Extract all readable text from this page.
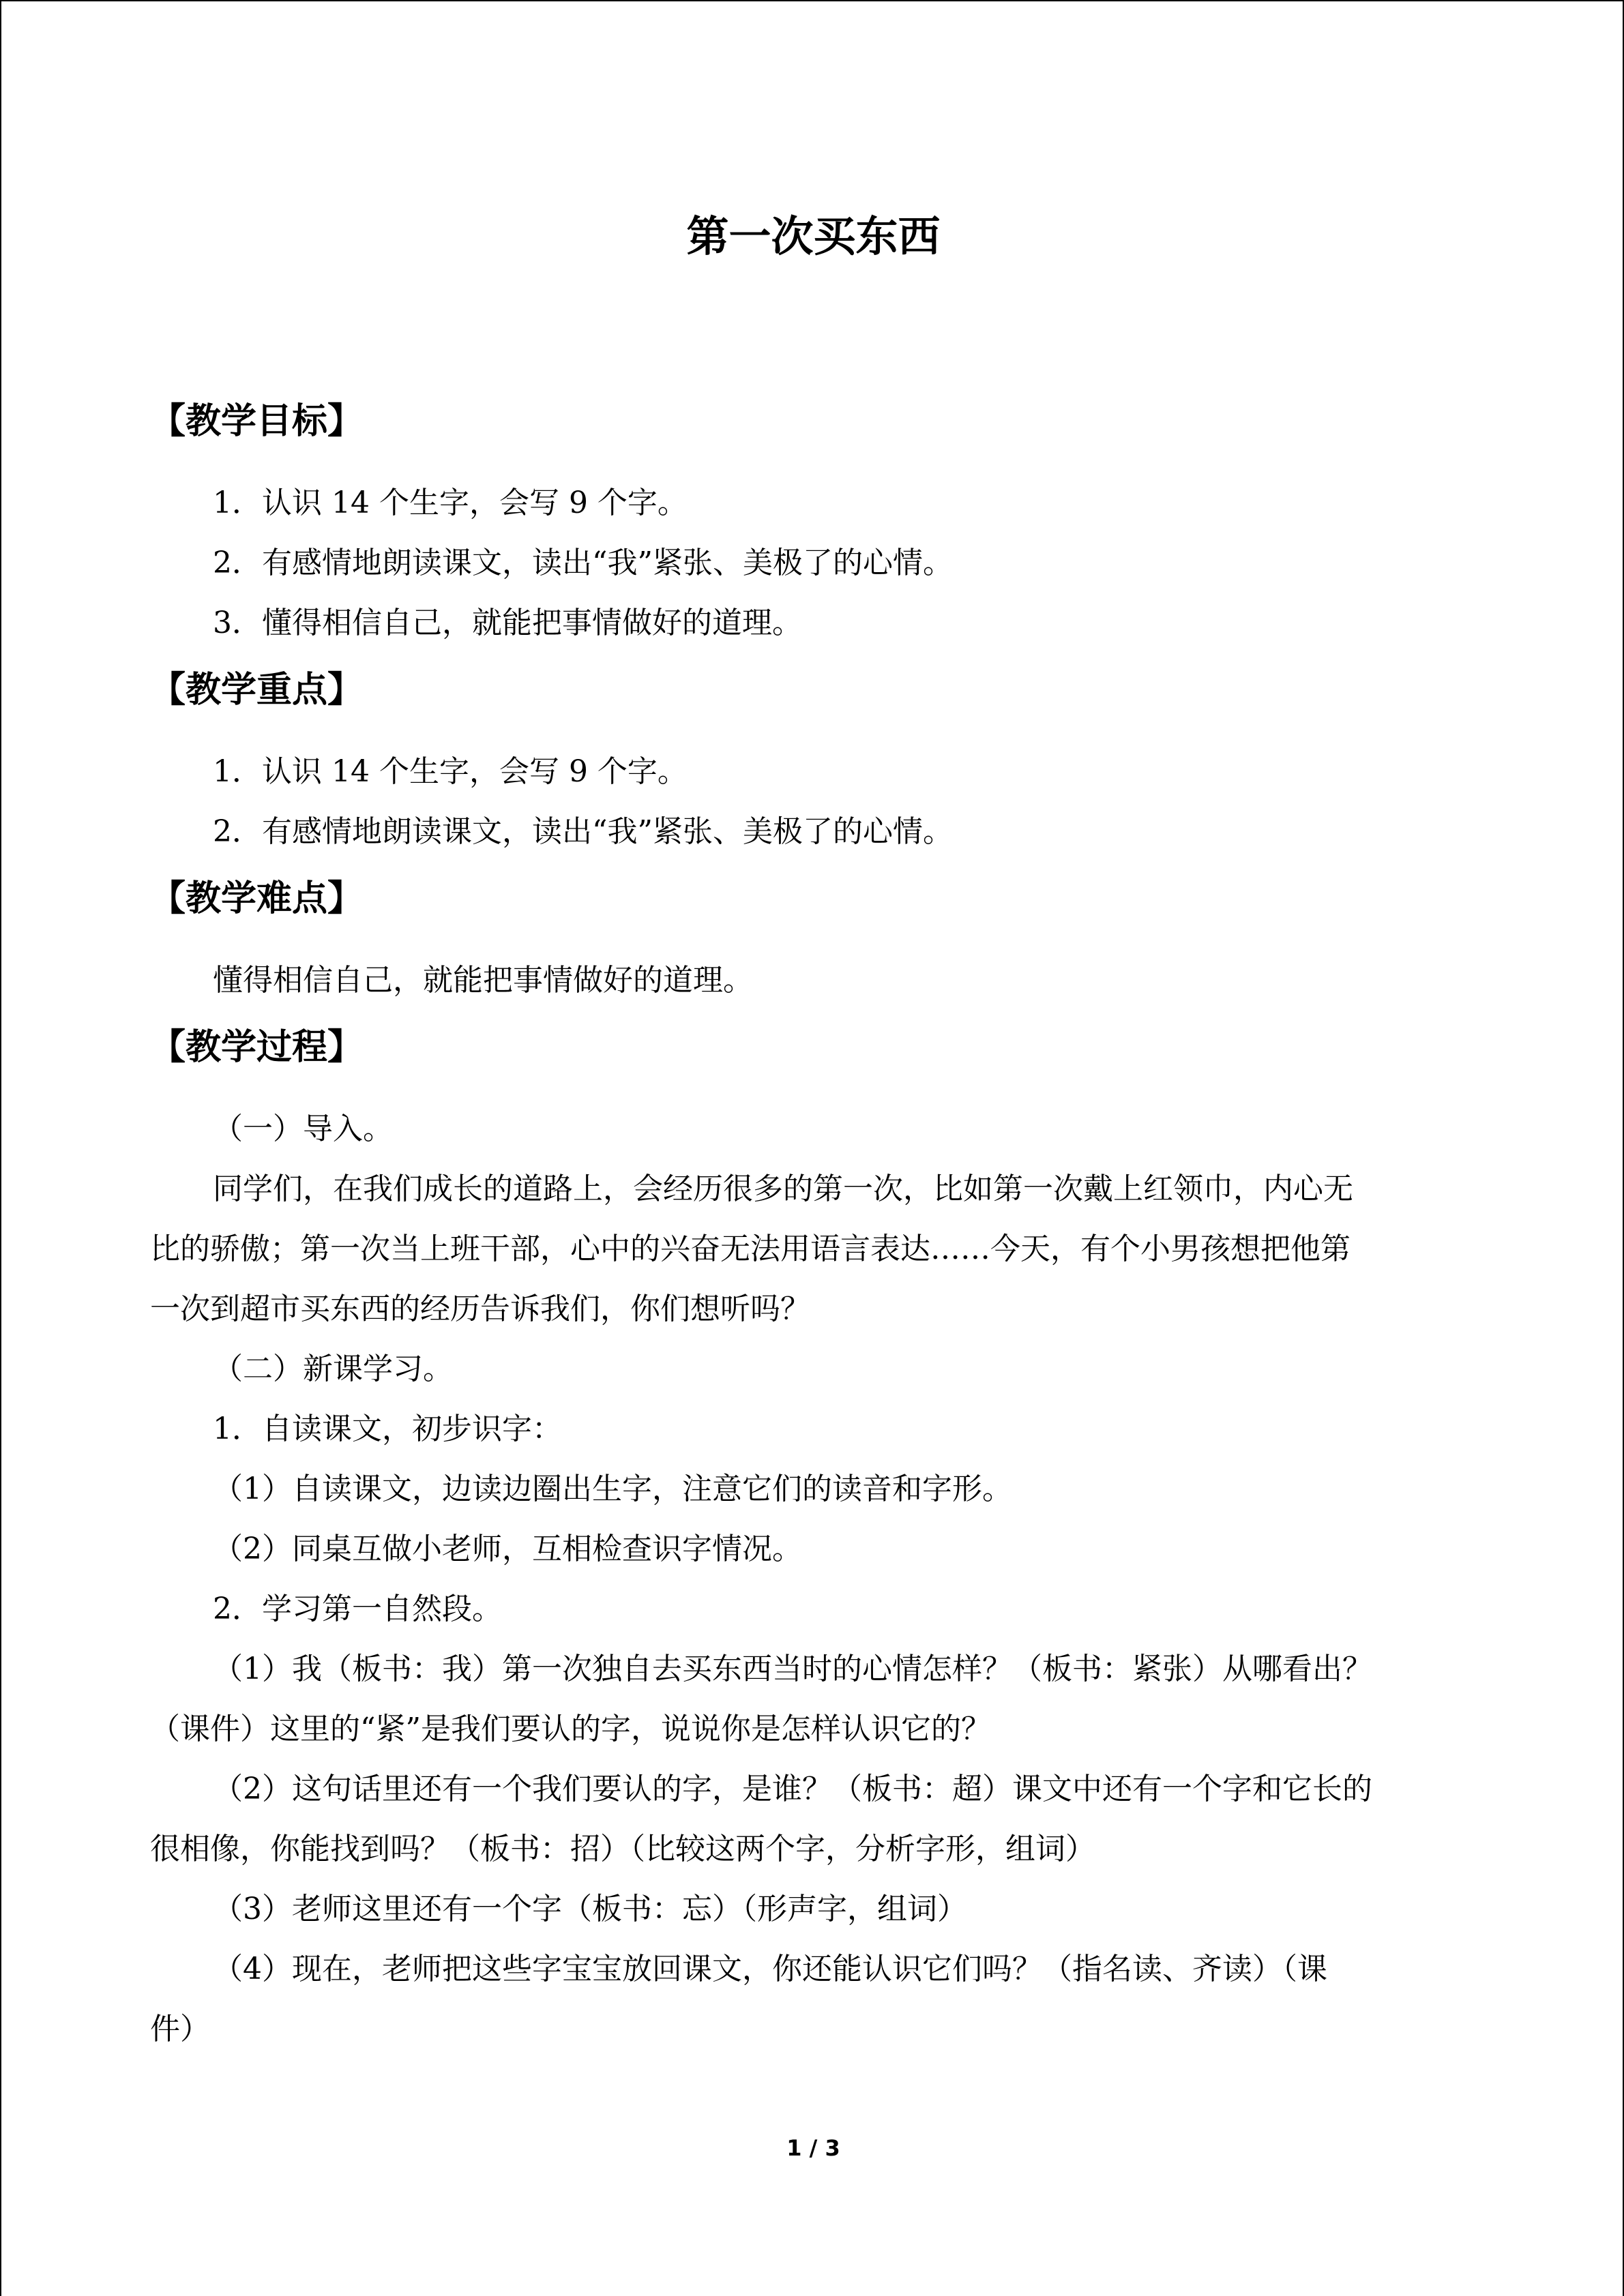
第一次买东西
【教学目标】
1．认识 14 个生字，会写 9 个字。
2．有感情地朗读课文，读出“我”紧张、美极了的心情。
3．懂得相信自己，就能把事情做好的道理。
【教学重点】
1．认识 14 个生字，会写 9 个字。
2．有感情地朗读课文，读出“我”紧张、美极了的心情。
【教学难点】
懂得相信自己，就能把事情做好的道理。
【教学过程】
（一）导入。
同学们，在我们成长的道路上，会经历很多的第一次，比如第一次戴上红领巾，内心无
比的骄傲；第一次当上班干部，心中的兴奋无法用语言表达……今天，有个小男孩想把他第
一次到超市买东西的经历告诉我们，你们想听吗？
（二）新课学习。
1．自读课文，初步识字：
（1）自读课文，边读边圈出生字，注意它们的读音和字形。
（2）同桌互做小老师，互相检查识字情况。
2．学习第一自然段。
（1）我（板书：我）第一次独自去买东西当时的心情怎样？（板书：紧张）从哪看出？
（课件）这里的“紧”是我们要认的字，说说你是怎样认识它的？
（2）这句话里还有一个我们要认的字，是谁？（板书：超）课文中还有一个字和它长的
很相像，你能找到吗？（板书：招）（比较这两个字，分析字形，组词）
（3）老师这里还有一个字（板书：忘）（形声字，组词）
（4）现在，老师把这些字宝宝放回课文，你还能认识它们吗？（指名读、齐读）（课
件）
1 / 3
